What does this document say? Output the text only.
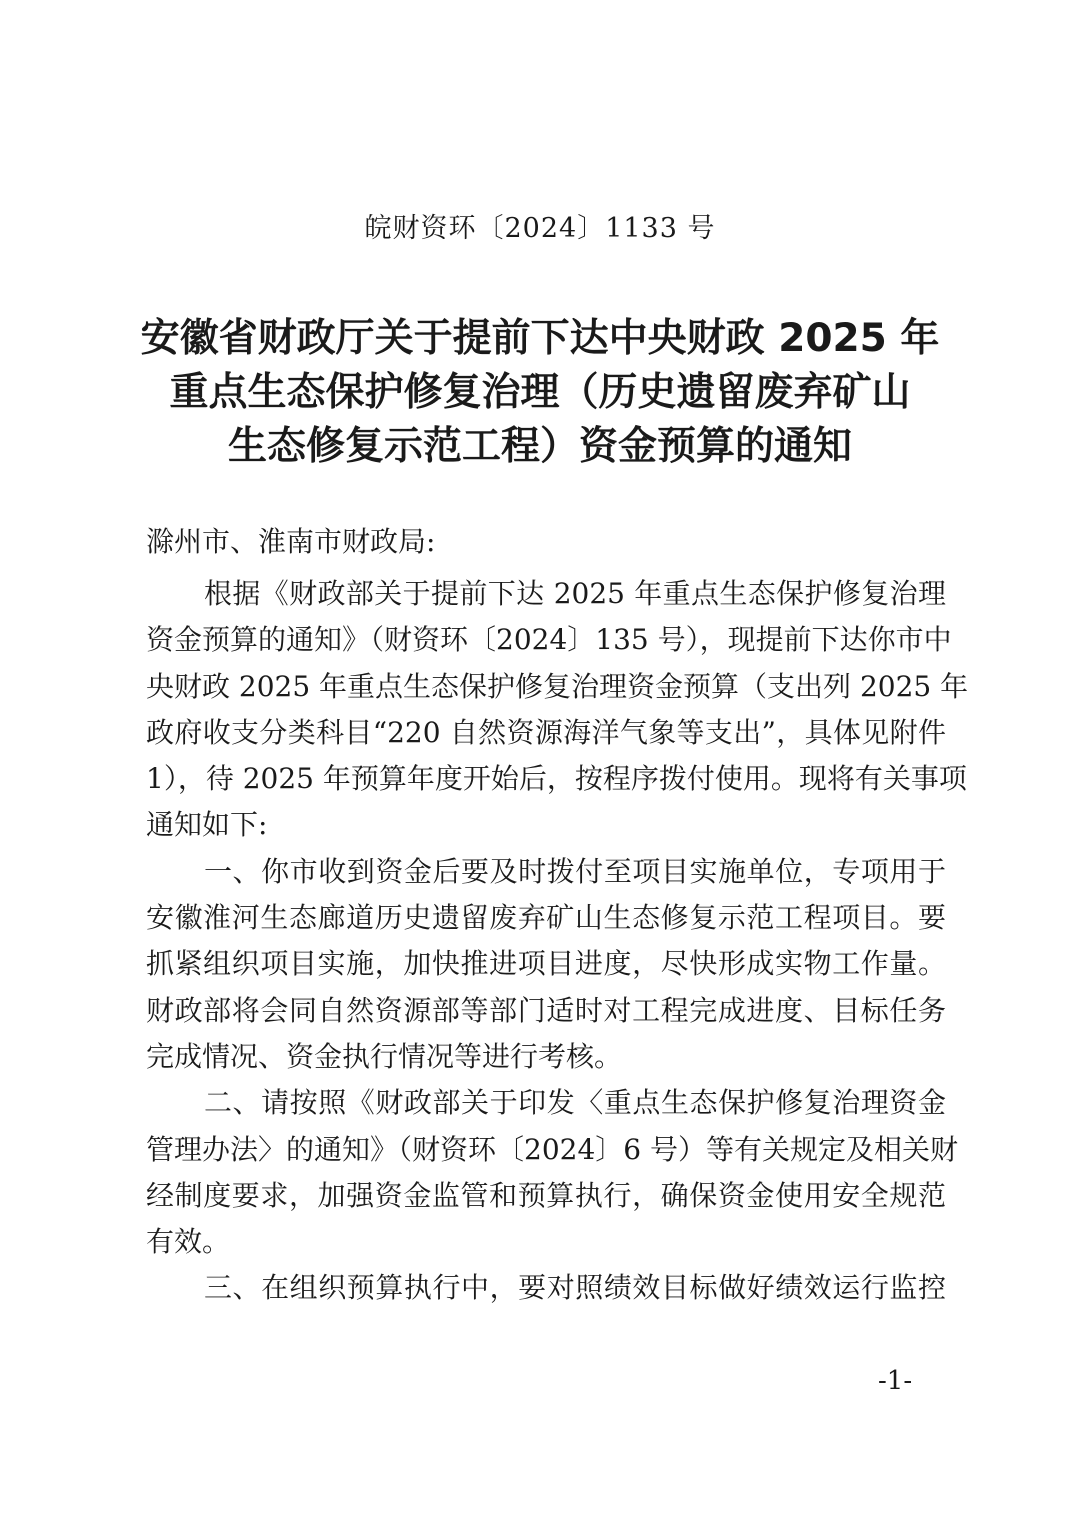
皖财资环〔2024〕1133 号
安徽省财政厅关于提前下达中央财政 2025 年
重点生态保护修复治理（历史遗留废弃矿山
生态修复示范工程）资金预算的通知
滁州市、淮南市财政局:
根据《财政部关于提前下达 2025 年重点生态保护修复治理
资金预算的通知》（财资环〔2024〕135 号），现提前下达你市中
央财政 2025 年重点生态保护修复治理资金预算（支出列 2025 年
政府收支分类科目“220 自然资源海洋气象等支出”，具体见附件
1），待 2025 年预算年度开始后，按程序拨付使用。现将有关事项
通知如下:
一、你市收到资金后要及时拨付至项目实施单位，专项用于
安徽淮河生态廊道历史遗留废弃矿山生态修复示范工程项目。要
抓紧组织项目实施，加快推进项目进度，尽快形成实物工作量。
财政部将会同自然资源部等部门适时对工程完成进度、目标任务
完成情况、资金执行情况等进行考核。
二、请按照《财政部关于印发〈重点生态保护修复治理资金
管理办法〉的通知》（财资环〔2024〕6 号）等有关规定及相关财
经制度要求，加强资金监管和预算执行，确保资金使用安全规范
有效。
三、在组织预算执行中，要对照绩效目标做好绩效运行监控
-1-
